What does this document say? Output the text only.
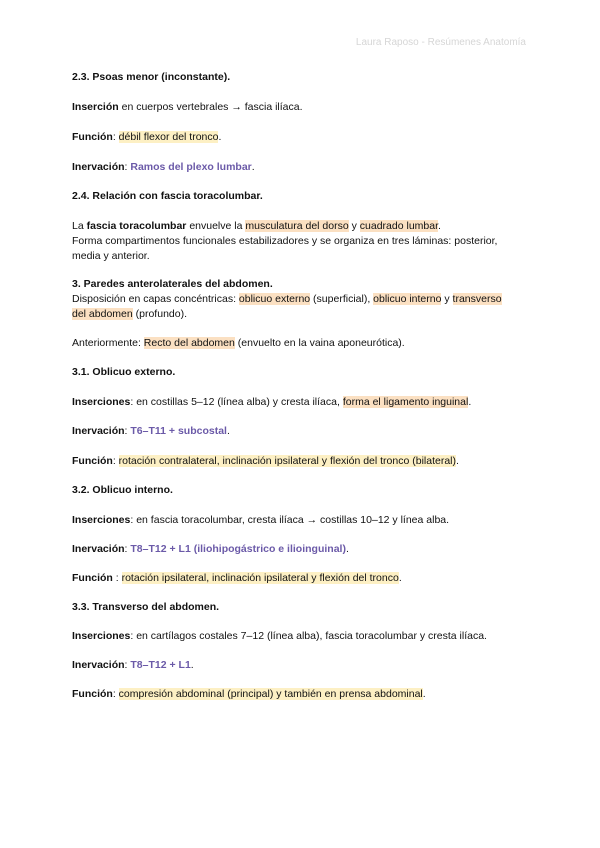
Laura Raposo - Resúmenes Anatomía

2.3. Psoas menor (inconstante).

Inserción en cuerpos vertebrales → fascia ilíaca.

Función: débil flexor del tronco.

Inervación: Ramos del plexo lumbar.

2.4. Relación con fascia toracolumbar.

La fascia toracolumbar envuelve la musculatura del dorso y cuadrado lumbar.

Forma compartimentos funcionales estabilizadores y se organiza en tres láminas: posterior,

media y anterior.

3. Paredes anterolaterales del abdomen.

Disposición en capas concéntricas: oblicuo externo (superficial), oblicuo interno y transverso

del abdomen (profundo).

Anteriormente: Recto del abdomen (envuelto en la vaina aponeurótica).

3.1. Oblicuo externo.

Inserciones: en costillas 5–12 (línea alba) y cresta ilíaca, forma el ligamento inguinal.

Inervación: T6–T11 + subcostal.

Función: rotación contralateral, inclinación ipsilateral y flexión del tronco (bilateral).

3.2. Oblicuo interno.

Inserciones: en fascia toracolumbar, cresta ilíaca → costillas 10–12 y línea alba.

Inervación: T8–T12 + L1 (iliohipogástrico e ilioinguinal).

Función : rotación ipsilateral, inclinación ipsilateral y flexión del tronco.

3.3. Transverso del abdomen.

Inserciones: en cartílagos costales 7–12 (línea alba), fascia toracolumbar y cresta ilíaca.

Inervación: T8–T12 + L1.

Función: compresión abdominal (principal) y también en prensa abdominal.
